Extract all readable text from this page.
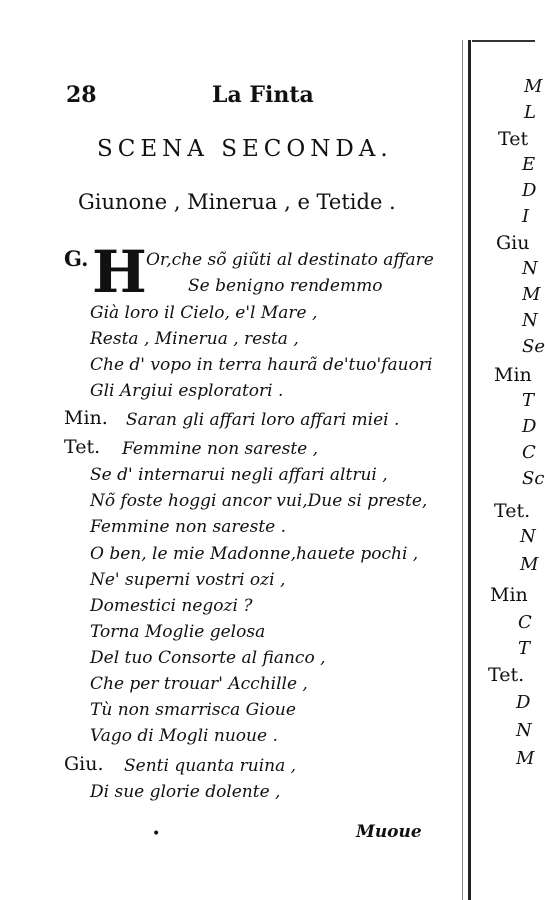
28	La Finta
SCENA SECONDA.
Giunone , Minerua , e Tetide .
G. H Or,che sõ giũti al destinato affare
Se benigno rendemmo
Già loro il Cielo, e'l Mare ,
Resta , Minerua , resta ,
Che d' vopo in terra haurã de'tuo'fauori
Gli Argiui esploratori .
Min. Saran gli affari loro affari miei .
Tet. Femmine non sareste ,
Se d' internarui negli affari altrui ,
Nõ foste hoggi ancor vui,Due si preste,
Femmine non sareste .
O ben, le mie Madonne,hauete pochi ,
Ne' superni vostri ozi ,
Domestici negozi ?
Torna Moglie gelosa
Del tuo Consorte al fianco ,
Che per trouar' Acchille ,
Tù non smarrisca Gioue
Vago di Mogli nuoue .
Giu. Senti quanta ruina ,
Di sue glorie dolente ,
•	Muoue
M
L
Tet
E
D
I
Giu
N
M
N
Se
Min
T
D
C
Sc
Tet.
N
M
Min
C
T
Tet.
D
N
M
